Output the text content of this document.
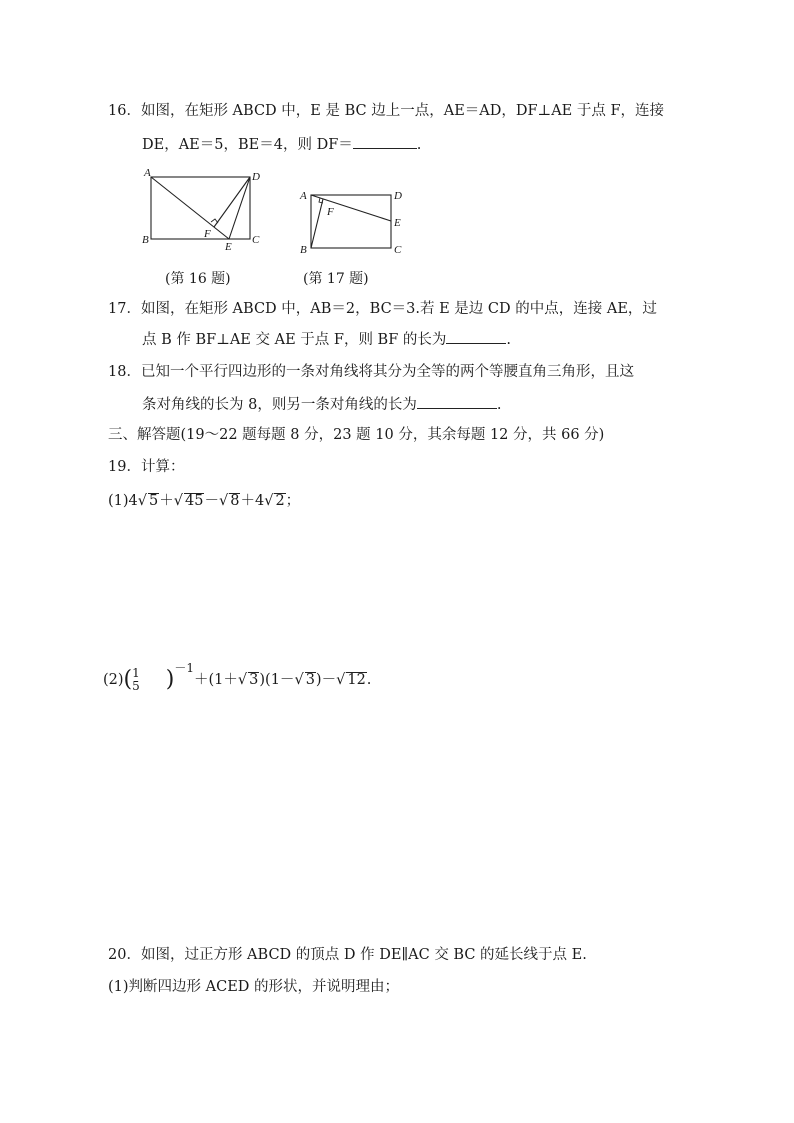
16．如图，在矩形 ABCD 中，E 是 BC 边上一点，AE＝AD，DF⊥AE 于点 F，连接
DE，AE＝5，BE＝4，则 DF＝	.
A	D
B	C
E
F
A	D
F
E
B	C
(第 16 题)	(第 17 题)
17．如图，在矩形 ABCD 中，AB＝2，BC＝3.若 E 是边 CD 的中点，连接 AE，过
点 B 作 BF⊥AE 交 AE 于点 F，则 BF 的长为	.
18．已知一个平行四边形的一条对角线将其分为全等的两个等腰直角三角形，且这
条对角线的长为 8，则另一条对角线的长为	.
三、解答题(19～22 题每题 8 分，23 题 10 分，其余每题 12 分，共 66 分)
19．计算：
(1)4√ 5＋√ 45－√ 8＋4√ 2；
(2)( 1
5 )$^{-1}$＋(1＋√ 3)(1－√ 3)－√ 12.
20．如图，过正方形 ABCD 的顶点 D 作 DE∥AC 交 BC 的延长线于点 E.
(1)判断四边形 ACED 的形状，并说明理由；
